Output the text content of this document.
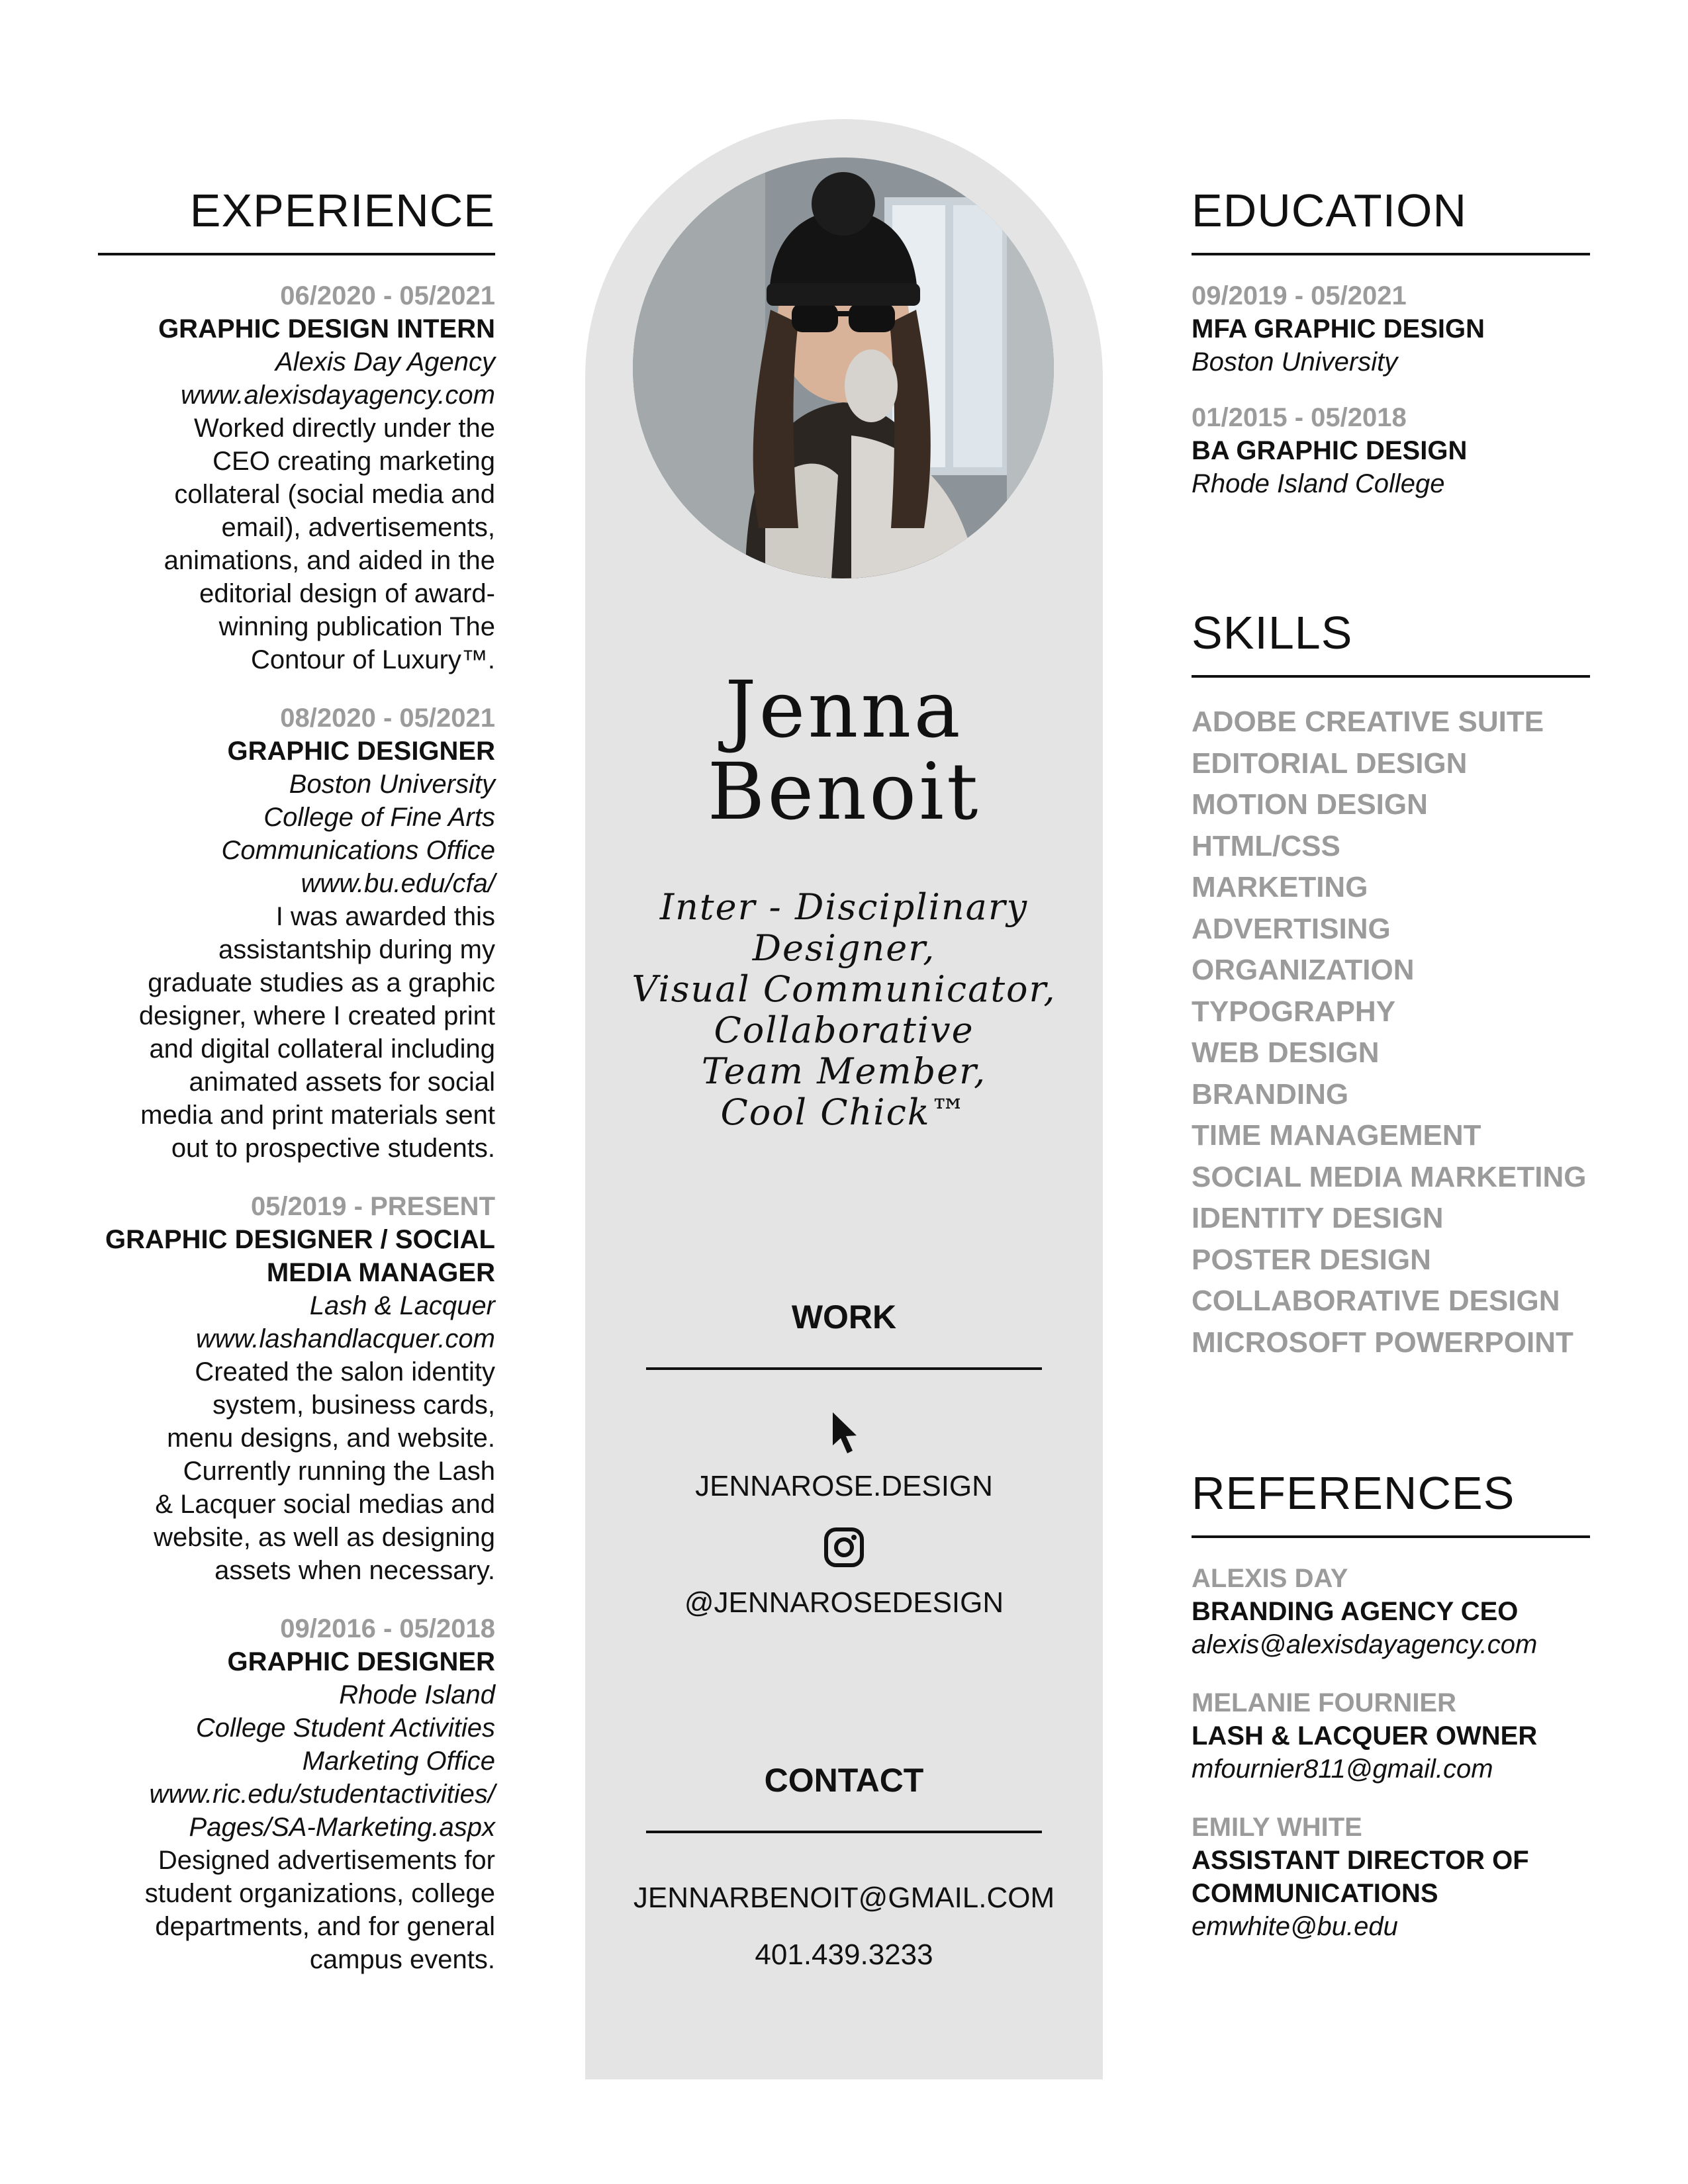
EXPERIENCE
06/2020 - 05/2021
GRAPHIC DESIGN INTERN
Alexis Day Agency
www.alexisdayagency.com
Worked directly under the
CEO creating marketing
collateral (social media and
email), advertisements,
animations, and aided in the
editorial design of award-
winning publication The
Contour of Luxury™.
08/2020 - 05/2021
GRAPHIC DESIGNER
Boston University
College of Fine Arts
Communications Office
www.bu.edu/cfa/
I was awarded this
assistantship during my
graduate studies as a graphic
designer, where I created print
and digital collateral including
animated assets for social
media and print materials sent
out to prospective students.
05/2019 - PRESENT
GRAPHIC DESIGNER / SOCIAL MEDIA MANAGER
Lash & Lacquer
www.lashandlacquer.com
Created the salon identity
system, business cards,
menu designs, and website.
Currently running the Lash
& Lacquer social medias and
website, as well as designing
assets when necessary.
09/2016 - 05/2018
GRAPHIC DESIGNER
Rhode Island
College Student Activities
Marketing Office
www.ric.edu/studentactivities/
Pages/SA-Marketing.aspx
Designed advertisements for
student organizations, college
departments, and for general
campus events.
Jenna
Benoit
Inter - Disciplinary
Designer,
Visual Communicator,
Collaborative
Team Member,
Cool Chick™
WORK
JENNAROSE.DESIGN
@JENNAROSEDESIGN
CONTACT
JENNARBENOIT@GMAIL.COM
401.439.3233
EDUCATION
09/2019 - 05/2021
MFA GRAPHIC DESIGN
Boston University
01/2015 - 05/2018
BA GRAPHIC DESIGN
Rhode Island College
SKILLS
ADOBE CREATIVE SUITE
EDITORIAL DESIGN
MOTION DESIGN
HTML/CSS
MARKETING
ADVERTISING
ORGANIZATION
TYPOGRAPHY
WEB DESIGN
BRANDING
TIME MANAGEMENT
SOCIAL MEDIA MARKETING
IDENTITY DESIGN
POSTER DESIGN
COLLABORATIVE DESIGN
MICROSOFT POWERPOINT
REFERENCES
ALEXIS DAY
BRANDING AGENCY CEO
alexis@alexisdayagency.com
MELANIE FOURNIER
LASH & LACQUER OWNER
mfournier811@gmail.com
EMILY WHITE
ASSISTANT DIRECTOR OF
COMMUNICATIONS
emwhite@bu.edu
